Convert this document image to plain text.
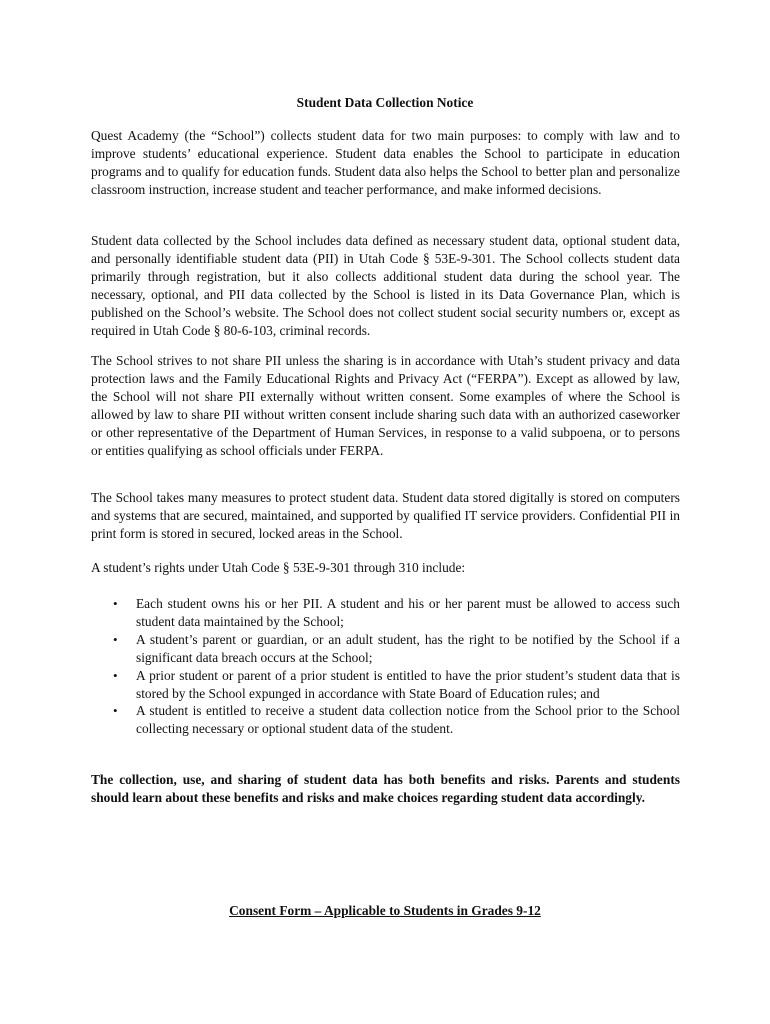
Student Data Collection Notice

Quest Academy (the “School”) collects student data for two main purposes: to comply with law and to improve students’ educational experience. Student data enables the School to participate in education programs and to qualify for education funds. Student data also helps the School to better plan and personalize classroom instruction, increase student and teacher performance, and make informed decisions.

Student data collected by the School includes data defined as necessary student data, optional student data, and personally identifiable student data (PII) in Utah Code § 53E-9-301. The School collects student data primarily through registration, but it also collects additional student data during the school year. The necessary, optional, and PII data collected by the School is listed in its Data Governance Plan, which is published on the School’s website. The School does not collect student social security numbers or, except as required in Utah Code § 80-6-103, criminal records.

The School strives to not share PII unless the sharing is in accordance with Utah’s student privacy and data protection laws and the Family Educational Rights and Privacy Act (“FERPA”). Except as allowed by law, the School will not share PII externally without written consent. Some examples of where the School is allowed by law to share PII without written consent include sharing such data with an authorized caseworker or other representative of the Department of Human Services, in response to a valid subpoena, or to persons or entities qualifying as school officials under FERPA.

The School takes many measures to protect student data. Student data stored digitally is stored on computers and systems that are secured, maintained, and supported by qualified IT service providers. Confidential PII in print form is stored in secured, locked areas in the School.

A student’s rights under Utah Code § 53E-9-301 through 310 include:

• Each student owns his or her PII. A student and his or her parent must be allowed to access such student data maintained by the School;
• A student’s parent or guardian, or an adult student, has the right to be notified by the School if a significant data breach occurs at the School;
• A prior student or parent of a prior student is entitled to have the prior student’s student data that is stored by the School expunged in accordance with State Board of Education rules; and
• A student is entitled to receive a student data collection notice from the School prior to the School collecting necessary or optional student data of the student.

The collection, use, and sharing of student data has both benefits and risks. Parents and students should learn about these benefits and risks and make choices regarding student data accordingly.

Consent Form – Applicable to Students in Grades 9-12
